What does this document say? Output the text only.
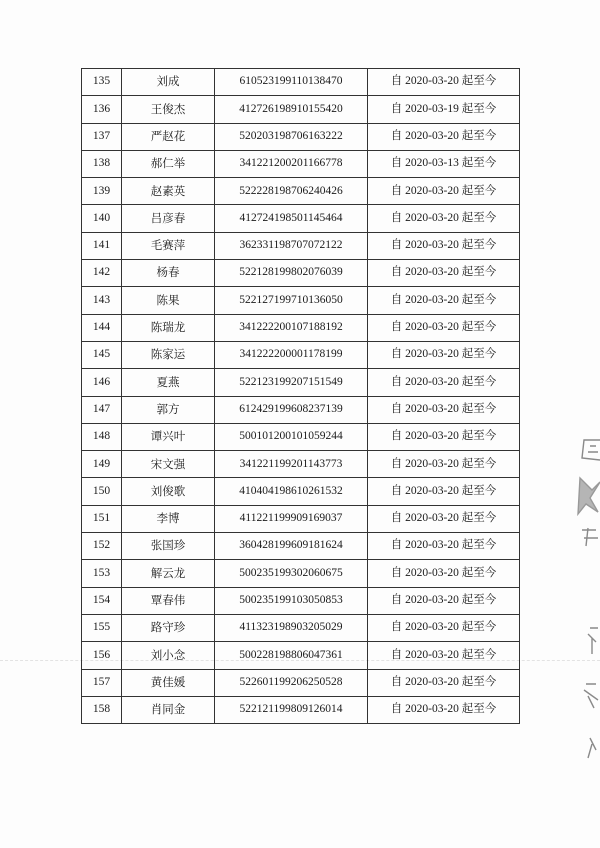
135	刘成	610523199110138470	自 2020-03-20 起至今
136	王俊杰	412726198910155420	自 2020-03-19 起至今
137	严赵花	520203198706163222	自 2020-03-20 起至今
138	郝仁举	341221200201166778	自 2020-03-13 起至今
139	赵素英	522228198706240426	自 2020-03-20 起至今
140	吕彦春	412724198501145464	自 2020-03-20 起至今
141	毛赛萍	362331198707072122	自 2020-03-20 起至今
142	杨春	522128199802076039	自 2020-03-20 起至今
143	陈果	522127199710136050	自 2020-03-20 起至今
144	陈瑞龙	341222200107188192	自 2020-03-20 起至今
145	陈家运	341222200001178199	自 2020-03-20 起至今
146	夏燕	522123199207151549	自 2020-03-20 起至今
147	郭方	612429199608237139	自 2020-03-20 起至今
148	谭兴叶	500101200101059244	自 2020-03-20 起至今
149	宋文强	341221199201143773	自 2020-03-20 起至今
150	刘俊歌	410404198610261532	自 2020-03-20 起至今
151	李博	411221199909169037	自 2020-03-20 起至今
152	张国珍	360428199609181624	自 2020-03-20 起至今
153	解云龙	500235199302060675	自 2020-03-20 起至今
154	覃春伟	500235199103050853	自 2020-03-20 起至今
155	路守珍	411323198903205029	自 2020-03-20 起至今
156	刘小念	500228198806047361	自 2020-03-20 起至今
157	黄佳媛	522601199206250528	自 2020-03-20 起至今
158	肖同金	522121199809126014	自 2020-03-20 起至今
